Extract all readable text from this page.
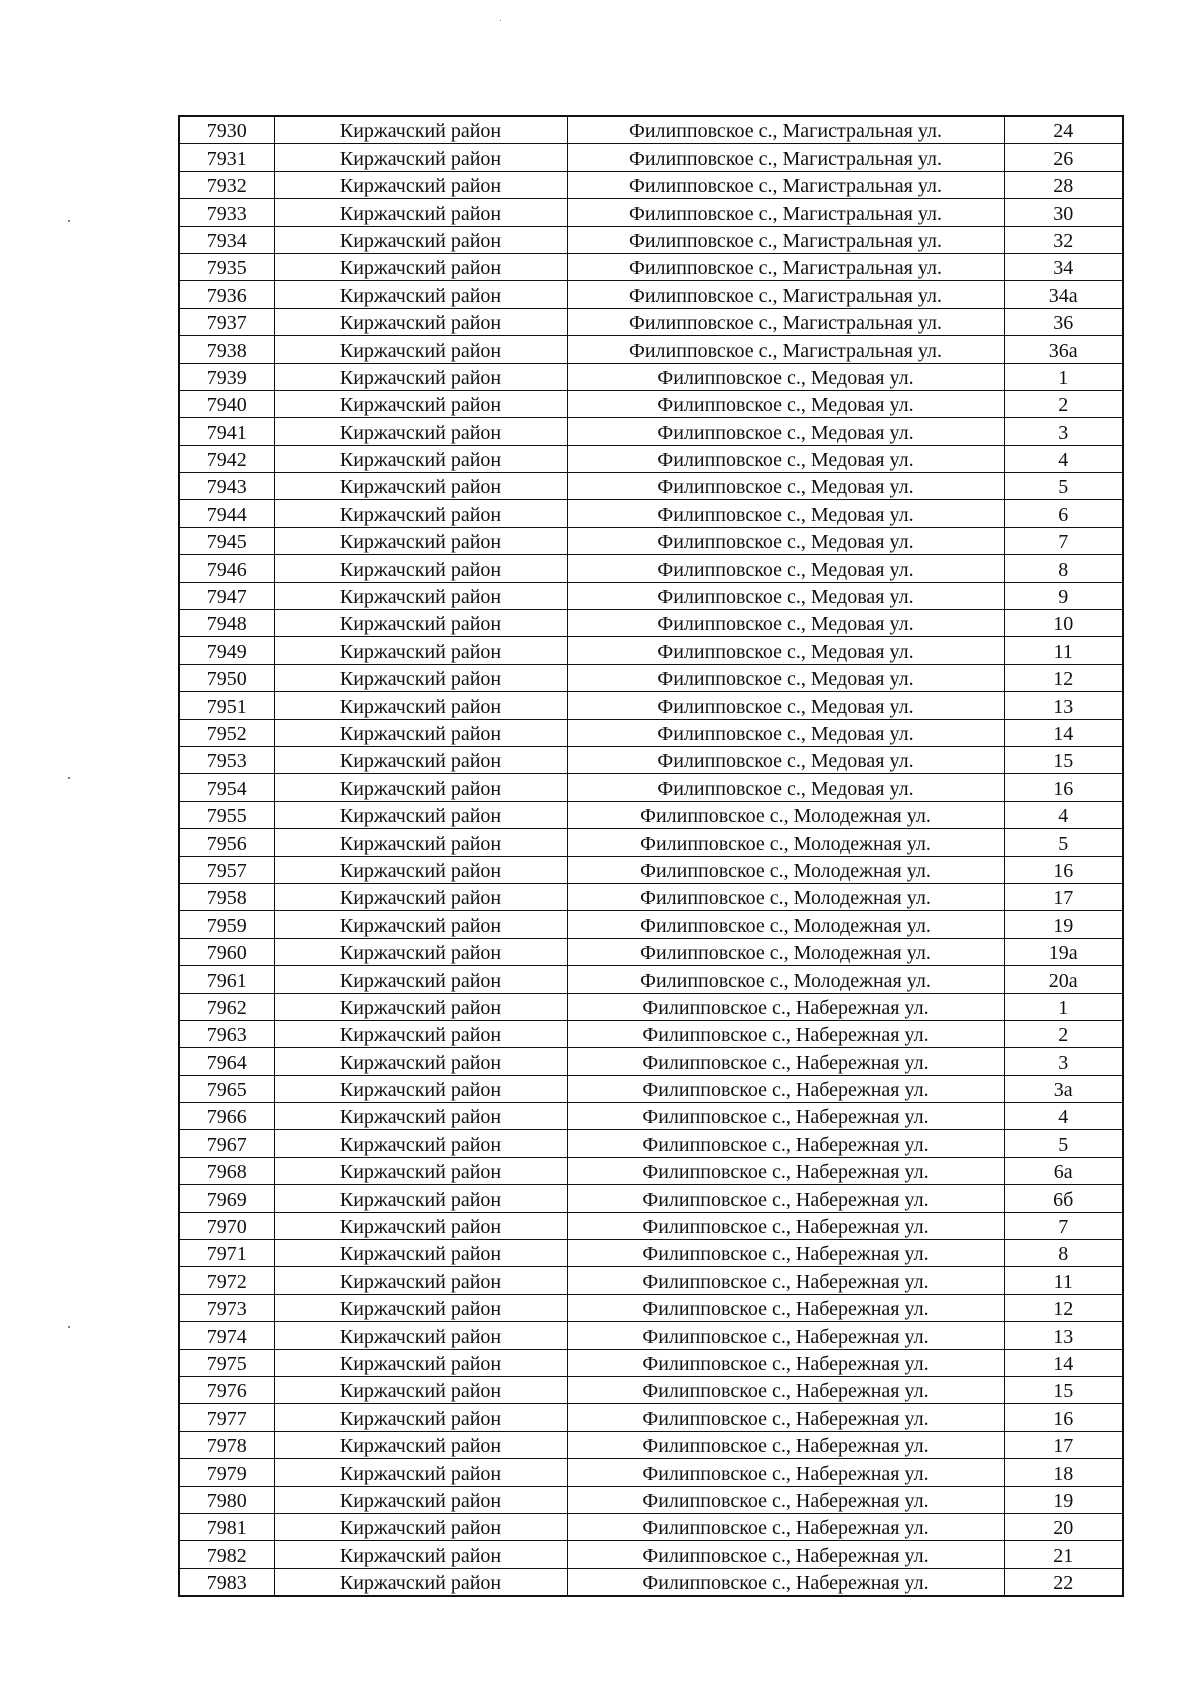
7930	Киржачский район	Филипповское с., Магистральная ул.	24
7931	Киржачский район	Филипповское с., Магистральная ул.	26
7932	Киржачский район	Филипповское с., Магистральная ул.	28
7933	Киржачский район	Филипповское с., Магистральная ул.	30
7934	Киржачский район	Филипповское с., Магистральная ул.	32
7935	Киржачский район	Филипповское с., Магистральная ул.	34
7936	Киржачский район	Филипповское с., Магистральная ул.	34а
7937	Киржачский район	Филипповское с., Магистральная ул.	36
7938	Киржачский район	Филипповское с., Магистральная ул.	36а
7939	Киржачский район	Филипповское с., Медовая ул.	1
7940	Киржачский район	Филипповское с., Медовая ул.	2
7941	Киржачский район	Филипповское с., Медовая ул.	3
7942	Киржачский район	Филипповское с., Медовая ул.	4
7943	Киржачский район	Филипповское с., Медовая ул.	5
7944	Киржачский район	Филипповское с., Медовая ул.	6
7945	Киржачский район	Филипповское с., Медовая ул.	7
7946	Киржачский район	Филипповское с., Медовая ул.	8
7947	Киржачский район	Филипповское с., Медовая ул.	9
7948	Киржачский район	Филипповское с., Медовая ул.	10
7949	Киржачский район	Филипповское с., Медовая ул.	11
7950	Киржачский район	Филипповское с., Медовая ул.	12
7951	Киржачский район	Филипповское с., Медовая ул.	13
7952	Киржачский район	Филипповское с., Медовая ул.	14
7953	Киржачский район	Филипповское с., Медовая ул.	15
7954	Киржачский район	Филипповское с., Медовая ул.	16
7955	Киржачский район	Филипповское с., Молодежная ул.	4
7956	Киржачский район	Филипповское с., Молодежная ул.	5
7957	Киржачский район	Филипповское с., Молодежная ул.	16
7958	Киржачский район	Филипповское с., Молодежная ул.	17
7959	Киржачский район	Филипповское с., Молодежная ул.	19
7960	Киржачский район	Филипповское с., Молодежная ул.	19а
7961	Киржачский район	Филипповское с., Молодежная ул.	20а
7962	Киржачский район	Филипповское с., Набережная ул.	1
7963	Киржачский район	Филипповское с., Набережная ул.	2
7964	Киржачский район	Филипповское с., Набережная ул.	3
7965	Киржачский район	Филипповское с., Набережная ул.	3а
7966	Киржачский район	Филипповское с., Набережная ул.	4
7967	Киржачский район	Филипповское с., Набережная ул.	5
7968	Киржачский район	Филипповское с., Набережная ул.	6а
7969	Киржачский район	Филипповское с., Набережная ул.	6б
7970	Киржачский район	Филипповское с., Набережная ул.	7
7971	Киржачский район	Филипповское с., Набережная ул.	8
7972	Киржачский район	Филипповское с., Набережная ул.	11
7973	Киржачский район	Филипповское с., Набережная ул.	12
7974	Киржачский район	Филипповское с., Набережная ул.	13
7975	Киржачский район	Филипповское с., Набережная ул.	14
7976	Киржачский район	Филипповское с., Набережная ул.	15
7977	Киржачский район	Филипповское с., Набережная ул.	16
7978	Киржачский район	Филипповское с., Набережная ул.	17
7979	Киржачский район	Филипповское с., Набережная ул.	18
7980	Киржачский район	Филипповское с., Набережная ул.	19
7981	Киржачский район	Филипповское с., Набережная ул.	20
7982	Киржачский район	Филипповское с., Набережная ул.	21
7983	Киржачский район	Филипповское с., Набережная ул.	22
